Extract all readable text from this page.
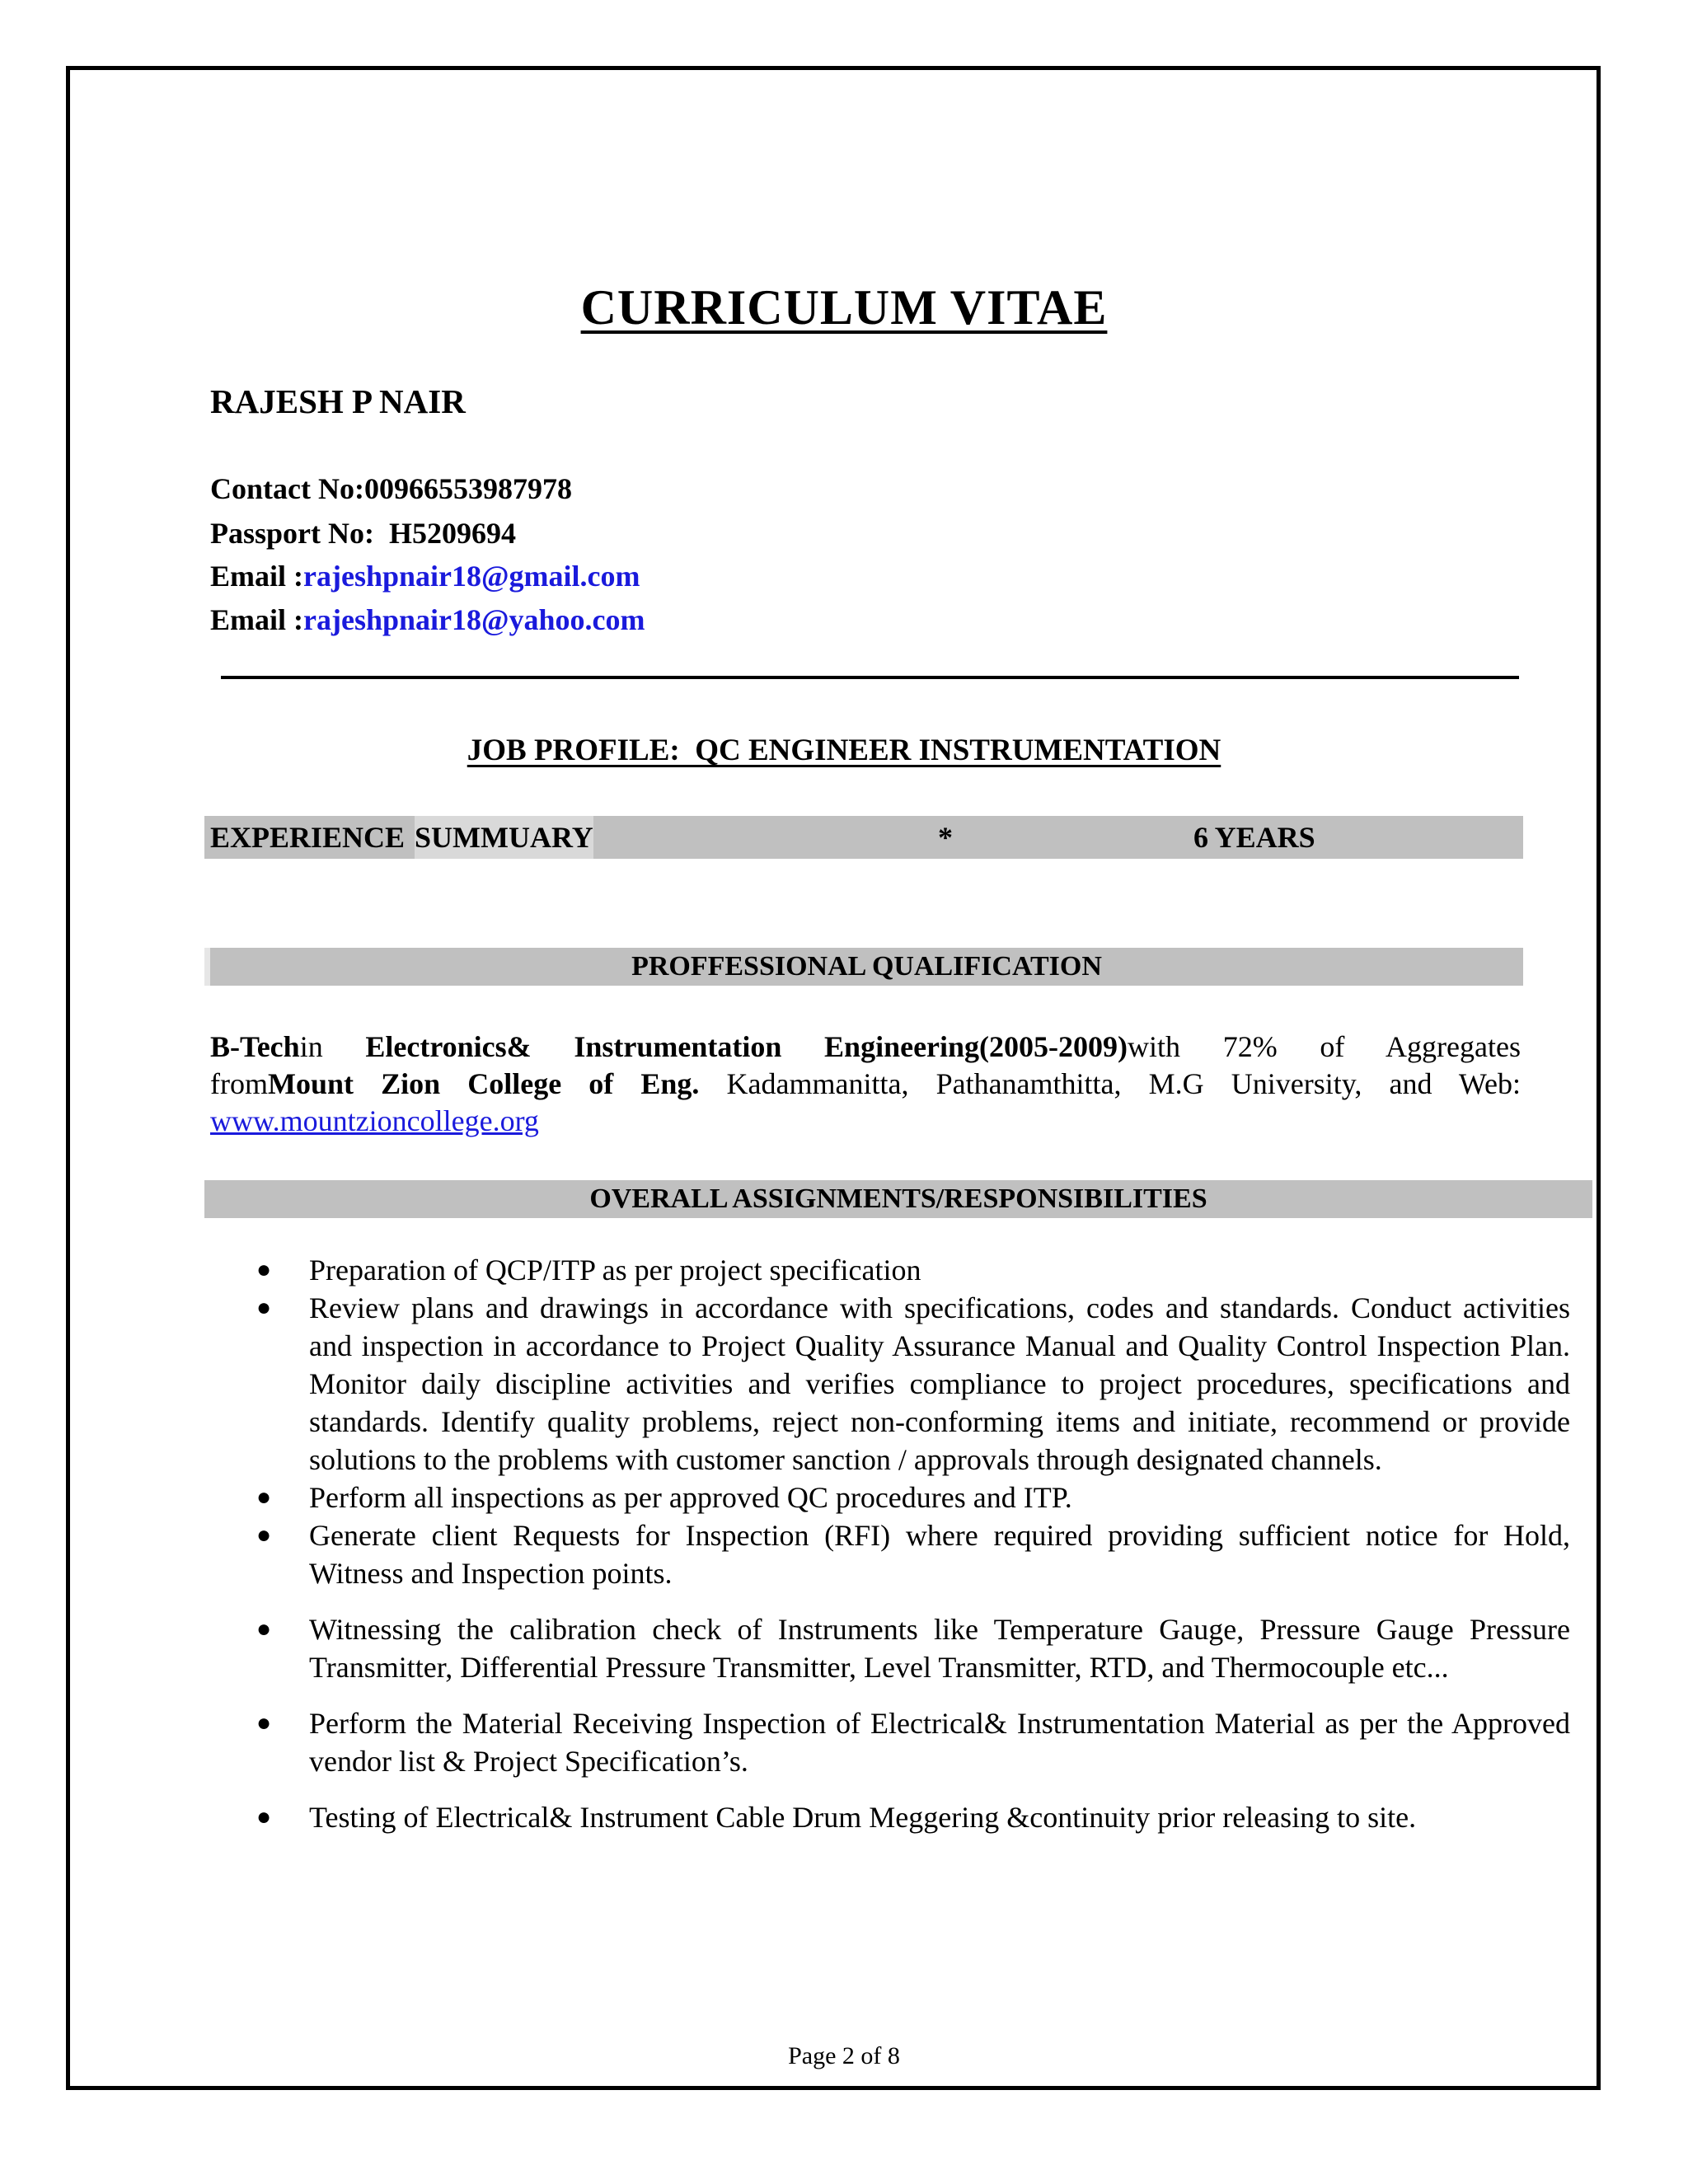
CURRICULUM VITAE
RAJESH P NAIR
Contact No:00966553987978
Passport No:  H5209694
Email :rajeshpnair18@gmail.com
Email :rajeshpnair18@yahoo.com
JOB PROFILE:  QC ENGINEER INSTRUMENTATION
EXPERIENCE SUMMUARY	*	6 YEARS
PROFFESSIONAL QUALIFICATION
B-Techin Electronics& Instrumentation Engineering(2005-2009)with 72% of Aggregates
fromMount Zion College of Eng. Kadammanitta, Pathanamthitta, M.G University, and Web:
www.mountzioncollege.org
OVERALL ASSIGNMENTS/RESPONSIBILITIES
● Preparation of QCP/ITP as per project specification
● Review plans and drawings in accordance with specifications, codes and standards. Conduct activities and inspection in accordance to Project Quality Assurance Manual and Quality Control Inspection Plan. Monitor daily discipline activities and verifies compliance to project procedures, specifications and standards. Identify quality problems, reject non-conforming items and initiate, recommend or provide solutions to the problems with customer sanction / approvals through designated channels.
● Perform all inspections as per approved QC procedures and ITP.
● Generate client Requests for Inspection (RFI) where required providing sufficient notice for Hold, Witness and Inspection points.
● Witnessing the calibration check of Instruments like Temperature Gauge, Pressure Gauge Pressure Transmitter, Differential Pressure Transmitter, Level Transmitter, RTD, and Thermocouple etc...
● Perform the Material Receiving Inspection of Electrical& Instrumentation Material as per the Approved vendor list & Project Specification’s.
● Testing of Electrical& Instrument Cable Drum Meggering &continuity prior releasing to site.
Page 2 of 8
